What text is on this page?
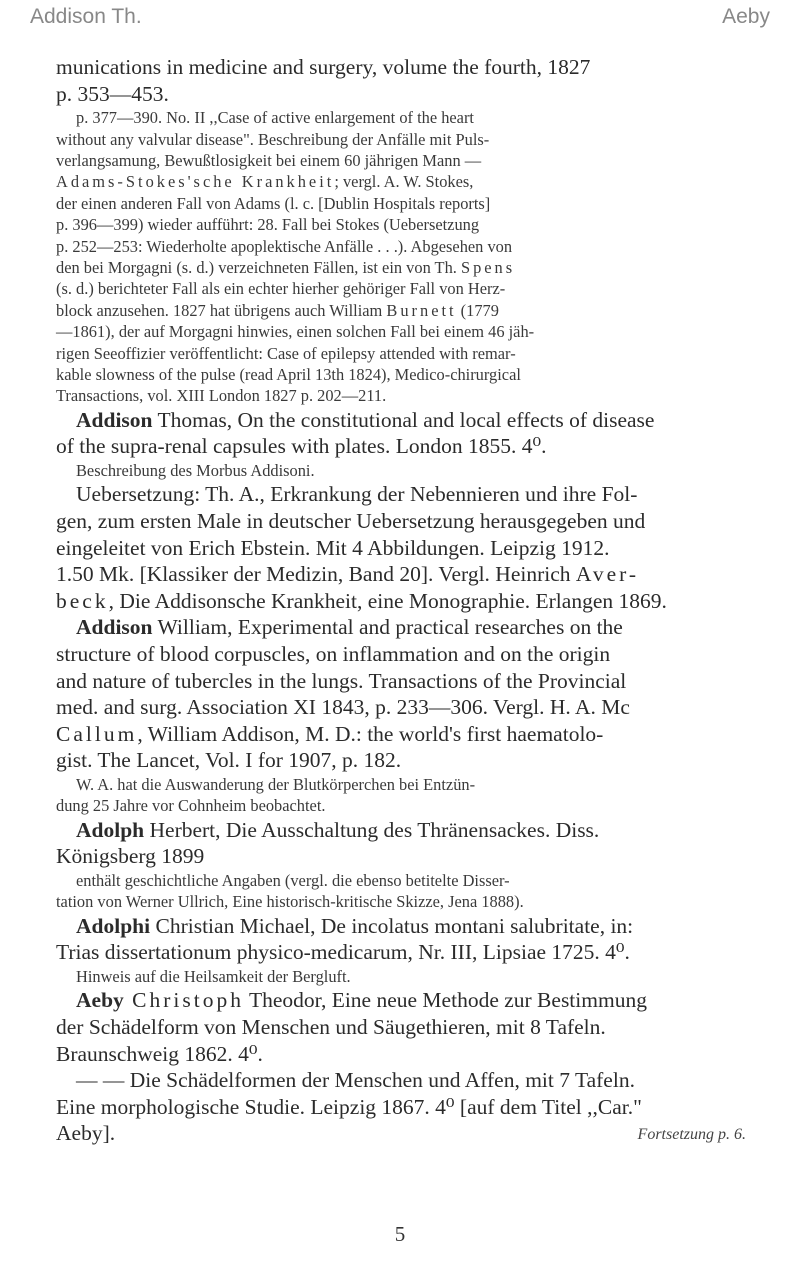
Addison Th.	Aeby

munications in medicine and surgery, volume the fourth, 1827

p. 353—453.

p. 377—390. No. II ,,Case of active enlargement of the heart

without any valvular disease". Beschreibung der Anfälle mit Puls-

verlangsamung, Bewußtlosigkeit bei einem 60 jährigen Mann —

Adams-Stokes'sche Krankheit; vergl. A. W. Stokes,

der einen anderen Fall von Adams (l. c. [Dublin Hospitals reports]

p. 396—399) wieder aufführt: 28. Fall bei Stokes (Uebersetzung

p. 252—253: Wiederholte apoplektische Anfälle . . .). Abgesehen von

den bei Morgagni (s. d.) verzeichneten Fällen, ist ein von Th. Spens

(s. d.) berichteter Fall als ein echter hierher gehöriger Fall von Herz-

block anzusehen. 1827 hat übrigens auch William Burnett (1779

—1861), der auf Morgagni hinwies, einen solchen Fall bei einem 46 jäh-

rigen Seeoffizier veröffentlicht: Case of epilepsy attended with remar-

kable slowness of the pulse (read April 13th 1824), Medico-chirurgical

Transactions, vol. XIII London 1827 p. 202—211.

Addison Thomas, On the constitutional and local effects of disease

of the supra-renal capsules with plates. London 1855. 4⁰.

Beschreibung des Morbus Addisoni.

Uebersetzung: Th. A., Erkrankung der Nebennieren und ihre Fol-

gen, zum ersten Male in deutscher Uebersetzung herausgegeben und

eingeleitet von Erich Ebstein. Mit 4 Abbildungen. Leipzig 1912.

1.50 Mk. [Klassiker der Medizin, Band 20]. Vergl. Heinrich Aver-

beck, Die Addisonsche Krankheit, eine Monographie. Erlangen 1869.

Addison William, Experimental and practical researches on the

structure of blood corpuscles, on inflammation and on the origin

and nature of tubercles in the lungs. Transactions of the Provincial

med. and surg. Association XI 1843, p. 233—306. Vergl. H. A. Mc

Callum, William Addison, M. D.: the world's first haematolo-

gist. The Lancet, Vol. I for 1907, p. 182.

W. A. hat die Auswanderung der Blutkörperchen bei Entzün-

dung 25 Jahre vor Cohnheim beobachtet.

Adolph Herbert, Die Ausschaltung des Thränensackes. Diss.

Königsberg 1899

enthält geschichtliche Angaben (vergl. die ebenso betitelte Disser-

tation von Werner Ullrich, Eine historisch-kritische Skizze, Jena 1888).

Adolphi Christian Michael, De incolatus montani salubritate, in:

Trias dissertationum physico-medicarum, Nr. III, Lipsiae 1725. 4⁰.

Hinweis auf die Heilsamkeit der Bergluft.

Aeby Christoph Theodor, Eine neue Methode zur Bestimmung

der Schädelform von Menschen und Säugethieren, mit 8 Tafeln.

Braunschweig 1862. 4⁰.

— — Die Schädelformen der Menschen und Affen, mit 7 Tafeln.

Eine morphologische Studie. Leipzig 1867. 4⁰ [auf dem Titel ,,Car."

Aeby].	Fortsetzung p. 6.

5
